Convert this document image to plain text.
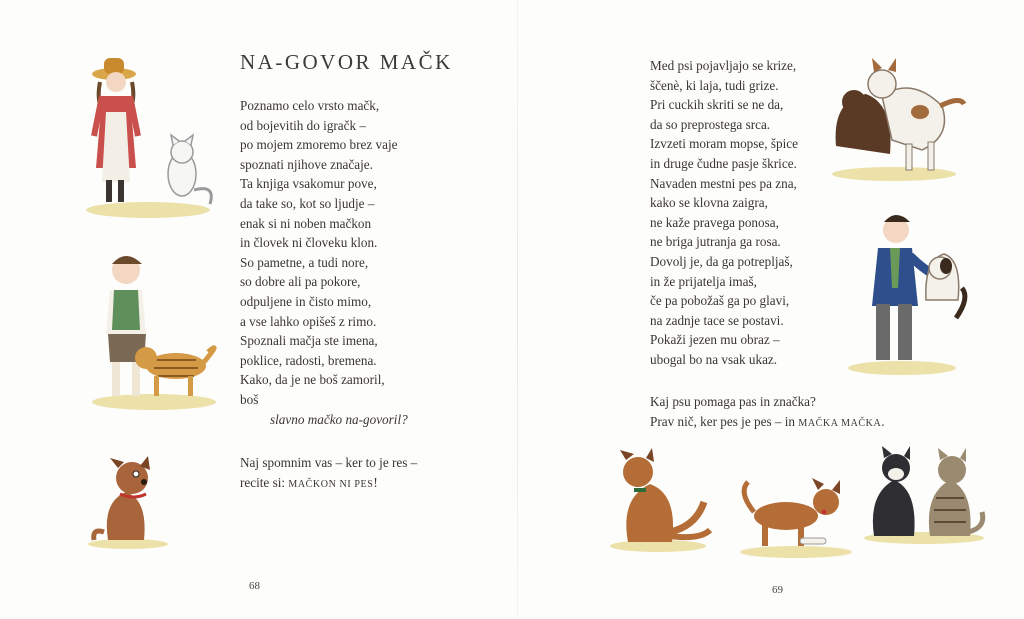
NA-GOVOR MAČK
Poznamo celo vrsto mačk,
od bojevitih do igračk –
po mojem zmoremo brez vaje
spoznati njihove značaje.
Ta knjiga vsakomur pove,
da take so, kot so ljudje –
enak si ni noben mačkon
in človek ni človeku klon.
So pametne, a tudi nore,
so dobre ali pa pokore,
odpuljene in čisto mimo,
a vse lahko opišeš z rimo.
Spoznali mačja ste imena,
poklice, radosti, bremena.
Kako, da je ne boš zamoril,
boš
slavno mačko na-govoril?
Naj spomnim vas – ker to je res –
recite si: MAČKON NI PES!
68
Med psi pojavljajo se krize,
ščenè, ki laja, tudi grize.
Pri cuckih skriti se ne da,
da so preprostega srca.
Izvzeti moram mopse, špice
in druge čudne pasje škrice.
Navaden mestni pes pa zna,
kako se klovna zaigra,
ne kaže pravega ponosa,
ne briga jutranja ga rosa.
Dovolj je, da ga potrepljaš,
in že prijatelja imaš,
če pa pobožaš ga po glavi,
na zadnje tace se postavi.
Pokaži jezen mu obraz –
ubogal bo na vsak ukaz.
Kaj psu pomaga pas in značka?
Prav nič, ker pes je pes – in MAČKA MAČKA.
69
